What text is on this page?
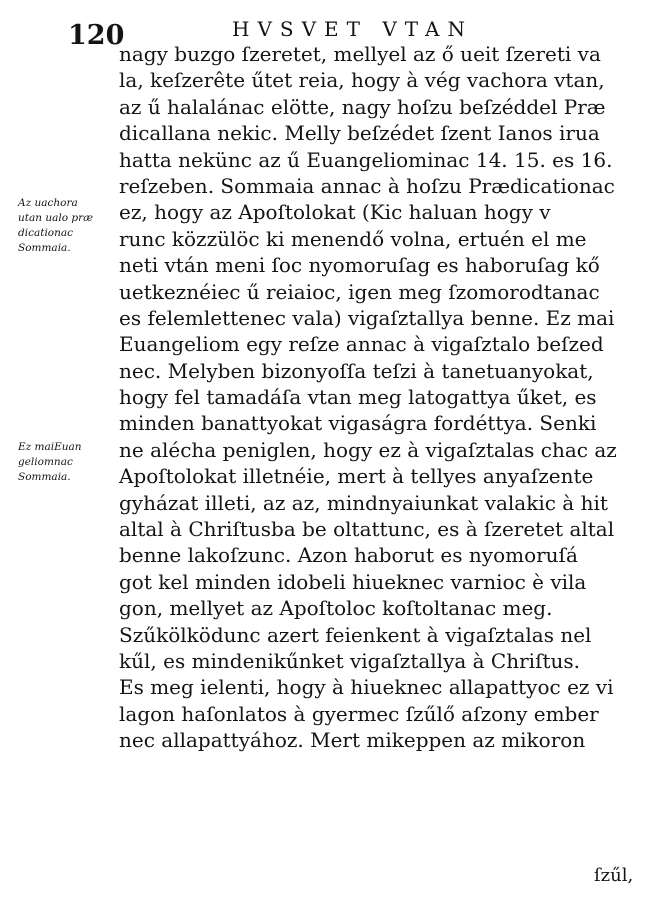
120	HVSVET VTAN
Az uachora
utan ualo præ
dicationac
Sommaia.
Ez maiEuan
geliomnac
Sommaia.
nagy buzgo ſzeretet, mellyel az ő ueit ſzereti va
la, keſzerête űtet reia, hogy à vég vachora vtan,
az ű halalánac elötte, nagy hoſzu beſzéddel Præ
dicallana nekic. Melly beſzédet ſzent Ianos irua
hatta nekünc az ű Euangeliominac 14. 15. es 16.
reſzeben. Sommaia annac à hoſzu Prædicationac
ez, hogy az Apoſtolokat (Kic haluan hogy v
runc közzülöc ki menendő volna, ertuén el me
neti vtán meni ſoc nyomoruſag es haboruſag kő
uetkeznéiec ű reiaioc, igen meg ſzomorodtanac
es felemlettenec vala) vigaſztallya benne. Ez mai
Euangeliom egy reſze annac à vigaſztalo beſzed
nec. Melyben bizonyoſſa teſzi à tanetuanyokat,
hogy fel tamadáſa vtan meg latogattya űket, es
minden banattyokat vigaságra fordéttya. Senki
ne alécha peniglen, hogy ez à vigaſztalas chac az
Apoſtolokat illetnéie, mert à tellyes anyaſzente
gyházat illeti, az az, mindnyaiunkat valakic à hit
altal à Chriſtusba be oltattunc, es à ſzeretet altal
benne lakoſzunc. Azon haborut es nyomoruſá
got kel minden idobeli hiueknec varnioc è vila
gon, mellyet az Apoſtoloc koſtoltanac meg.
Szűkölködunc azert feienkent à vigaſztalas nel
kűl, es mindenikűnket vigaſztallya à Chriſtus.
Es meg ielenti, hogy à hiueknec allapattyoc ez vi
lagon haſonlatos à gyermec ſzűlő aſzony ember
nec allapattyához. Mert mikeppen az mikoron
ſzűl,
